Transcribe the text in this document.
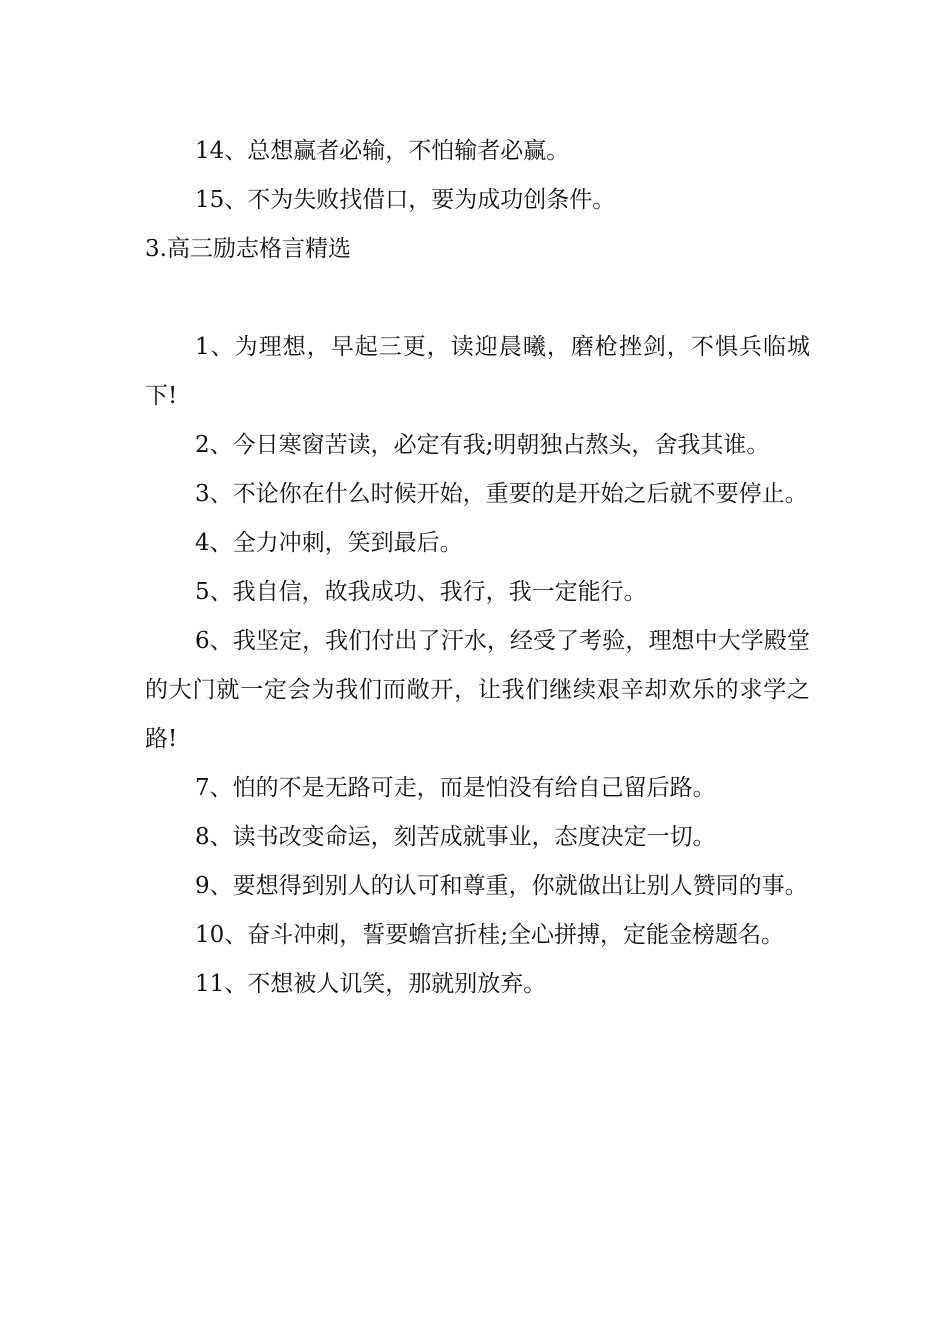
14、总想赢者必输，不怕输者必赢。

15、不为失败找借口，要为成功创条件。

3.高三励志格言精选

1、为理想，早起三更，读迎晨曦，磨枪挫剑，不惧兵临城下!

2、今日寒窗苦读，必定有我;明朝独占熬头，舍我其谁。

3、不论你在什么时候开始，重要的是开始之后就不要停止。

4、全力冲刺，笑到最后。

5、我自信，故我成功、我行，我一定能行。

6、我坚定，我们付出了汗水，经受了考验，理想中大学殿堂的大门就一定会为我们而敞开，让我们继续艰辛却欢乐的求学之路!

7、怕的不是无路可走，而是怕没有给自己留后路。

8、读书改变命运，刻苦成就事业，态度决定一切。

9、要想得到别人的认可和尊重，你就做出让别人赞同的事。

10、奋斗冲刺，誓要蟾宫折桂;全心拼搏，定能金榜题名。

11、不想被人讥笑，那就别放弃。
